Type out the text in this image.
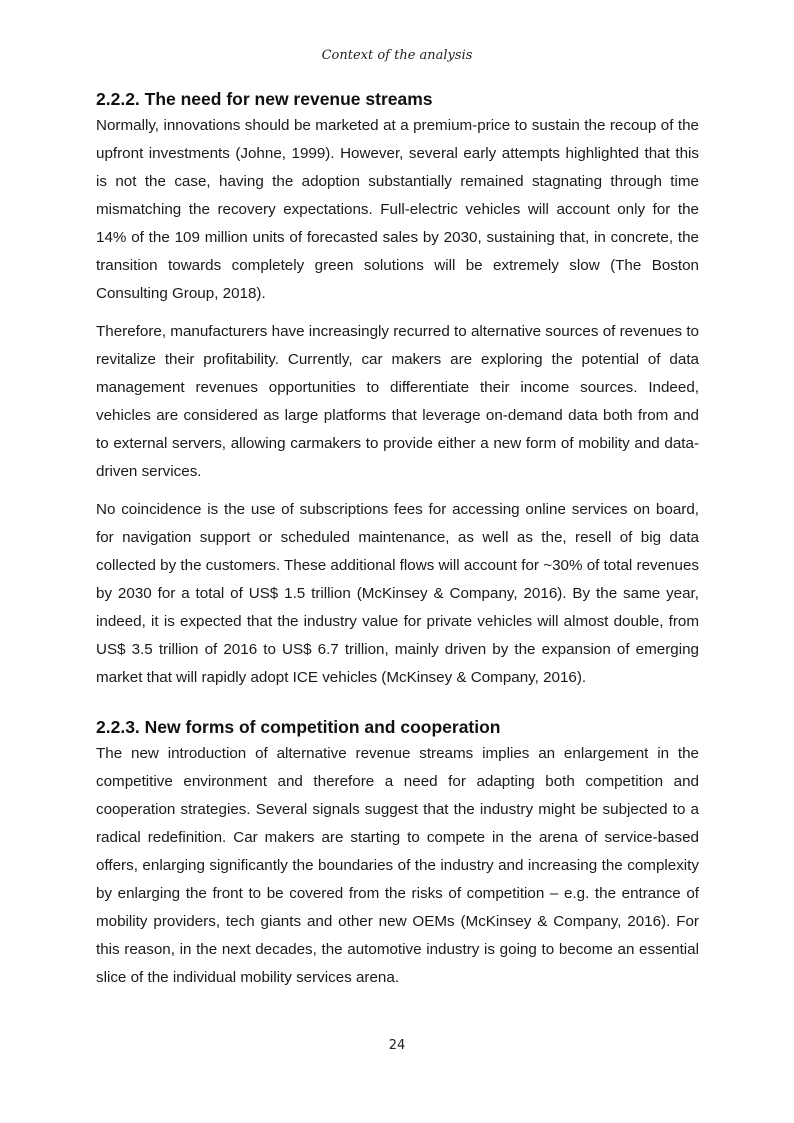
Context of the analysis
2.2.2. The need for new revenue streams

Normally, innovations should be marketed at a premium-price to sustain the recoup of the upfront investments (Johne, 1999). However, several early attempts highlighted that this is not the case, having the adoption substantially remained stagnating through time mismatching the recovery expectations. Full-electric vehicles will account only for the 14% of the 109 million units of forecasted sales by 2030, sustaining that, in concrete, the transition towards completely green solutions will be extremely slow (The Boston Consulting Group, 2018).

Therefore, manufacturers have increasingly recurred to alternative sources of revenues to revitalize their profitability. Currently, car makers are exploring the potential of data management revenues opportunities to differentiate their income sources. Indeed, vehicles are considered as large platforms that leverage on-demand data both from and to external servers, allowing carmakers to provide either a new form of mobility and data-driven services.

No coincidence is the use of subscriptions fees for accessing online services on board, for navigation support or scheduled maintenance, as well as the, resell of big data collected by the customers. These additional flows will account for ~30% of total revenues by 2030 for a total of US$ 1.5 trillion (McKinsey & Company, 2016). By the same year, indeed, it is expected that the industry value for private vehicles will almost double, from US$ 3.5 trillion of 2016 to US$ 6.7 trillion, mainly driven by the expansion of emerging market that will rapidly adopt ICE vehicles (McKinsey & Company, 2016).

2.2.3. New forms of competition and cooperation

The new introduction of alternative revenue streams implies an enlargement in the competitive environment and therefore a need for adapting both competition and cooperation strategies. Several signals suggest that the industry might be subjected to a radical redefinition. Car makers are starting to compete in the arena of service-based offers, enlarging significantly the boundaries of the industry and increasing the complexity by enlarging the front to be covered from the risks of competition – e.g. the entrance of mobility providers, tech giants and other new OEMs (McKinsey & Company, 2016). For this reason, in the next decades, the automotive industry is going to become an essential slice of the individual mobility services arena.

24
